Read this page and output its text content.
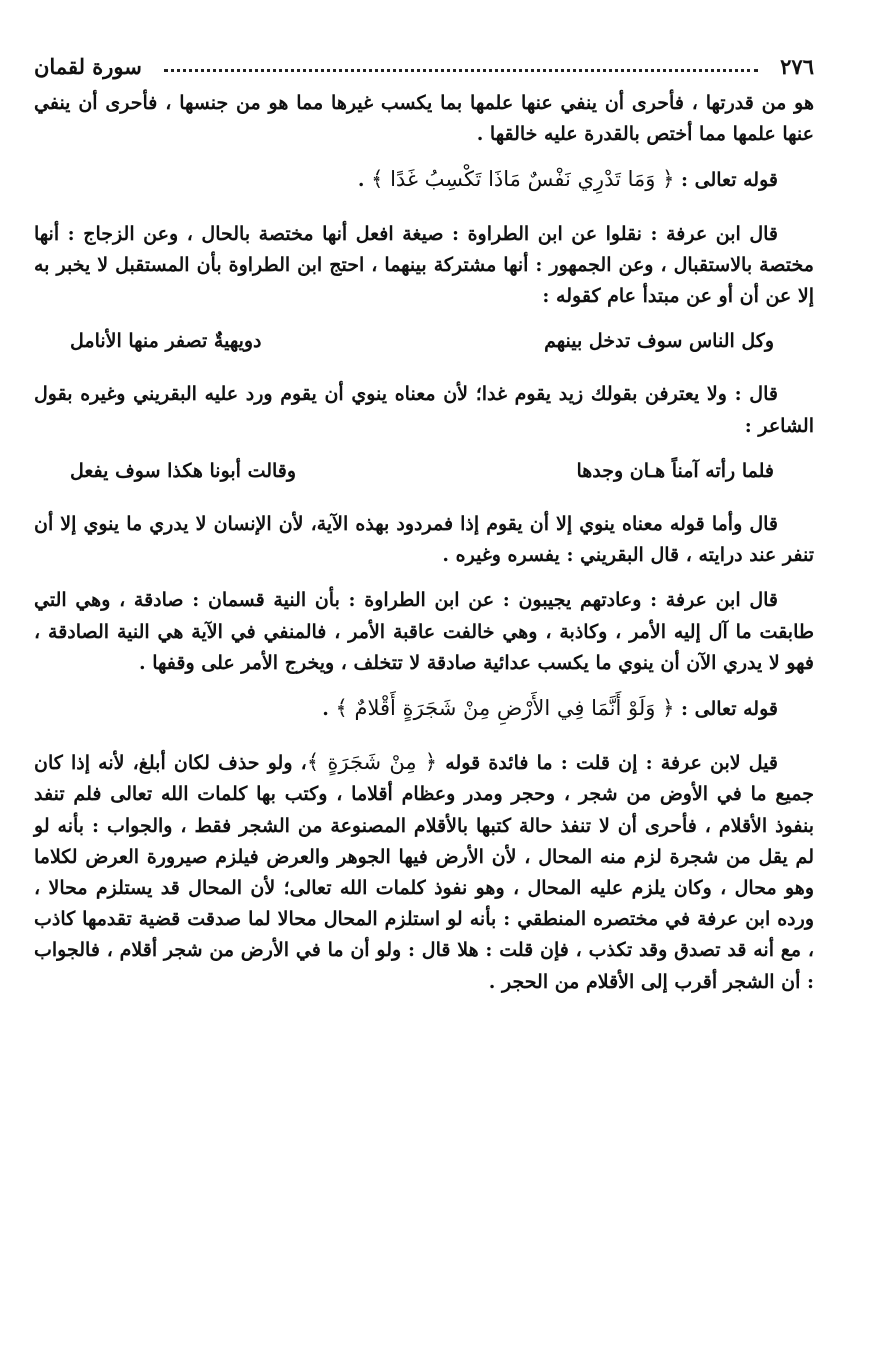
٢٧٦
سورة لقمان

هو من قدرتها ، فأحرى أن ينفي عنها علمها بما يكسب غيرها مما هو من جنسها ، فأحرى أن ينفي عنها علمها مما أختص بالقدرة عليه خالقها .

قوله تعالى : ﴿ وَمَا تَدْرِي نَفْسٌ مَاذَا تَكْسِبُ غَدًا ﴾ .

قال ابن عرفة : نقلوا عن ابن الطراوة : صيغة افعل أنها مختصة بالحال ، وعن الزجاج : أنها مختصة بالاستقبال ، وعن الجمهور : أنها مشتركة بينهما ، احتج ابن الطراوة بأن المستقبل لا يخبر به إلا عن أن أو عن مبتدأ عام كقوله :

وكل الناس سوف تدخل بينهم
دويهيةٌ تصفر منها الأنامل

قال : ولا يعترفن بقولك زيد يقوم غدا؛ لأن معناه ينوي أن يقوم ورد عليه البقريني وغيره بقول الشاعر :

فلما رأته آمناً هـان وجدها
وقالت أبونا هكذا سوف يفعل

قال وأما قوله معناه ينوي إلا أن يقوم إذا فمردود بهذه الآية، لأن الإنسان لا يدري ما ينوي إلا أن تنفر عند درايته ، قال البقريني : يفسره وغيره .

قال ابن عرفة : وعادتهم يجيبون : عن ابن الطراوة : بأن النية قسمان : صادقة ، وهي التي طابقت ما آل إليه الأمر ، وكاذبة ، وهي خالفت عاقبة الأمر ، فالمنفي في الآية هي النية الصادقة ، فهو لا يدري الآن أن ينوي ما يكسب عدائية صادقة لا تتخلف ، ويخرج الأمر على وقفها .

قوله تعالى : ﴿ وَلَوْ أَنَّمَا فِي الأَرْضِ مِنْ شَجَرَةٍ أَقْلامٌ ﴾ .

قيل لابن عرفة : إن قلت : ما فائدة قوله ﴿ مِنْ شَجَرَةٍ ﴾، ولو حذف لكان أبلغ، لأنه إذا كان جميع ما في الأوض من شجر ، وحجر ومدر وعظام أقلاما ، وكتب بها كلمات الله تعالى فلم تنفد بنفوذ الأقلام ، فأحرى أن لا تنفذ حالة كتبها بالأقلام المصنوعة من الشجر فقط ، والجواب : بأنه لو لم يقل من شجرة لزم منه المحال ، لأن الأرض فيها الجوهر والعرض فيلزم صيرورة العرض لكلاما وهو محال ، وكان يلزم عليه المحال ، وهو نفوذ كلمات الله تعالى؛ لأن المحال قد يستلزم محالا ، ورده ابن عرفة في مختصره المنطقي : بأنه لو استلزم المحال محالا لما صدقت قضية تقدمها كاذب ، مع أنه قد تصدق وقد تكذب ، فإن قلت : هلا قال : ولو أن ما في الأرض من شجر أقلام ، فالجواب : أن الشجر أقرب إلى الأقلام من الحجر .
